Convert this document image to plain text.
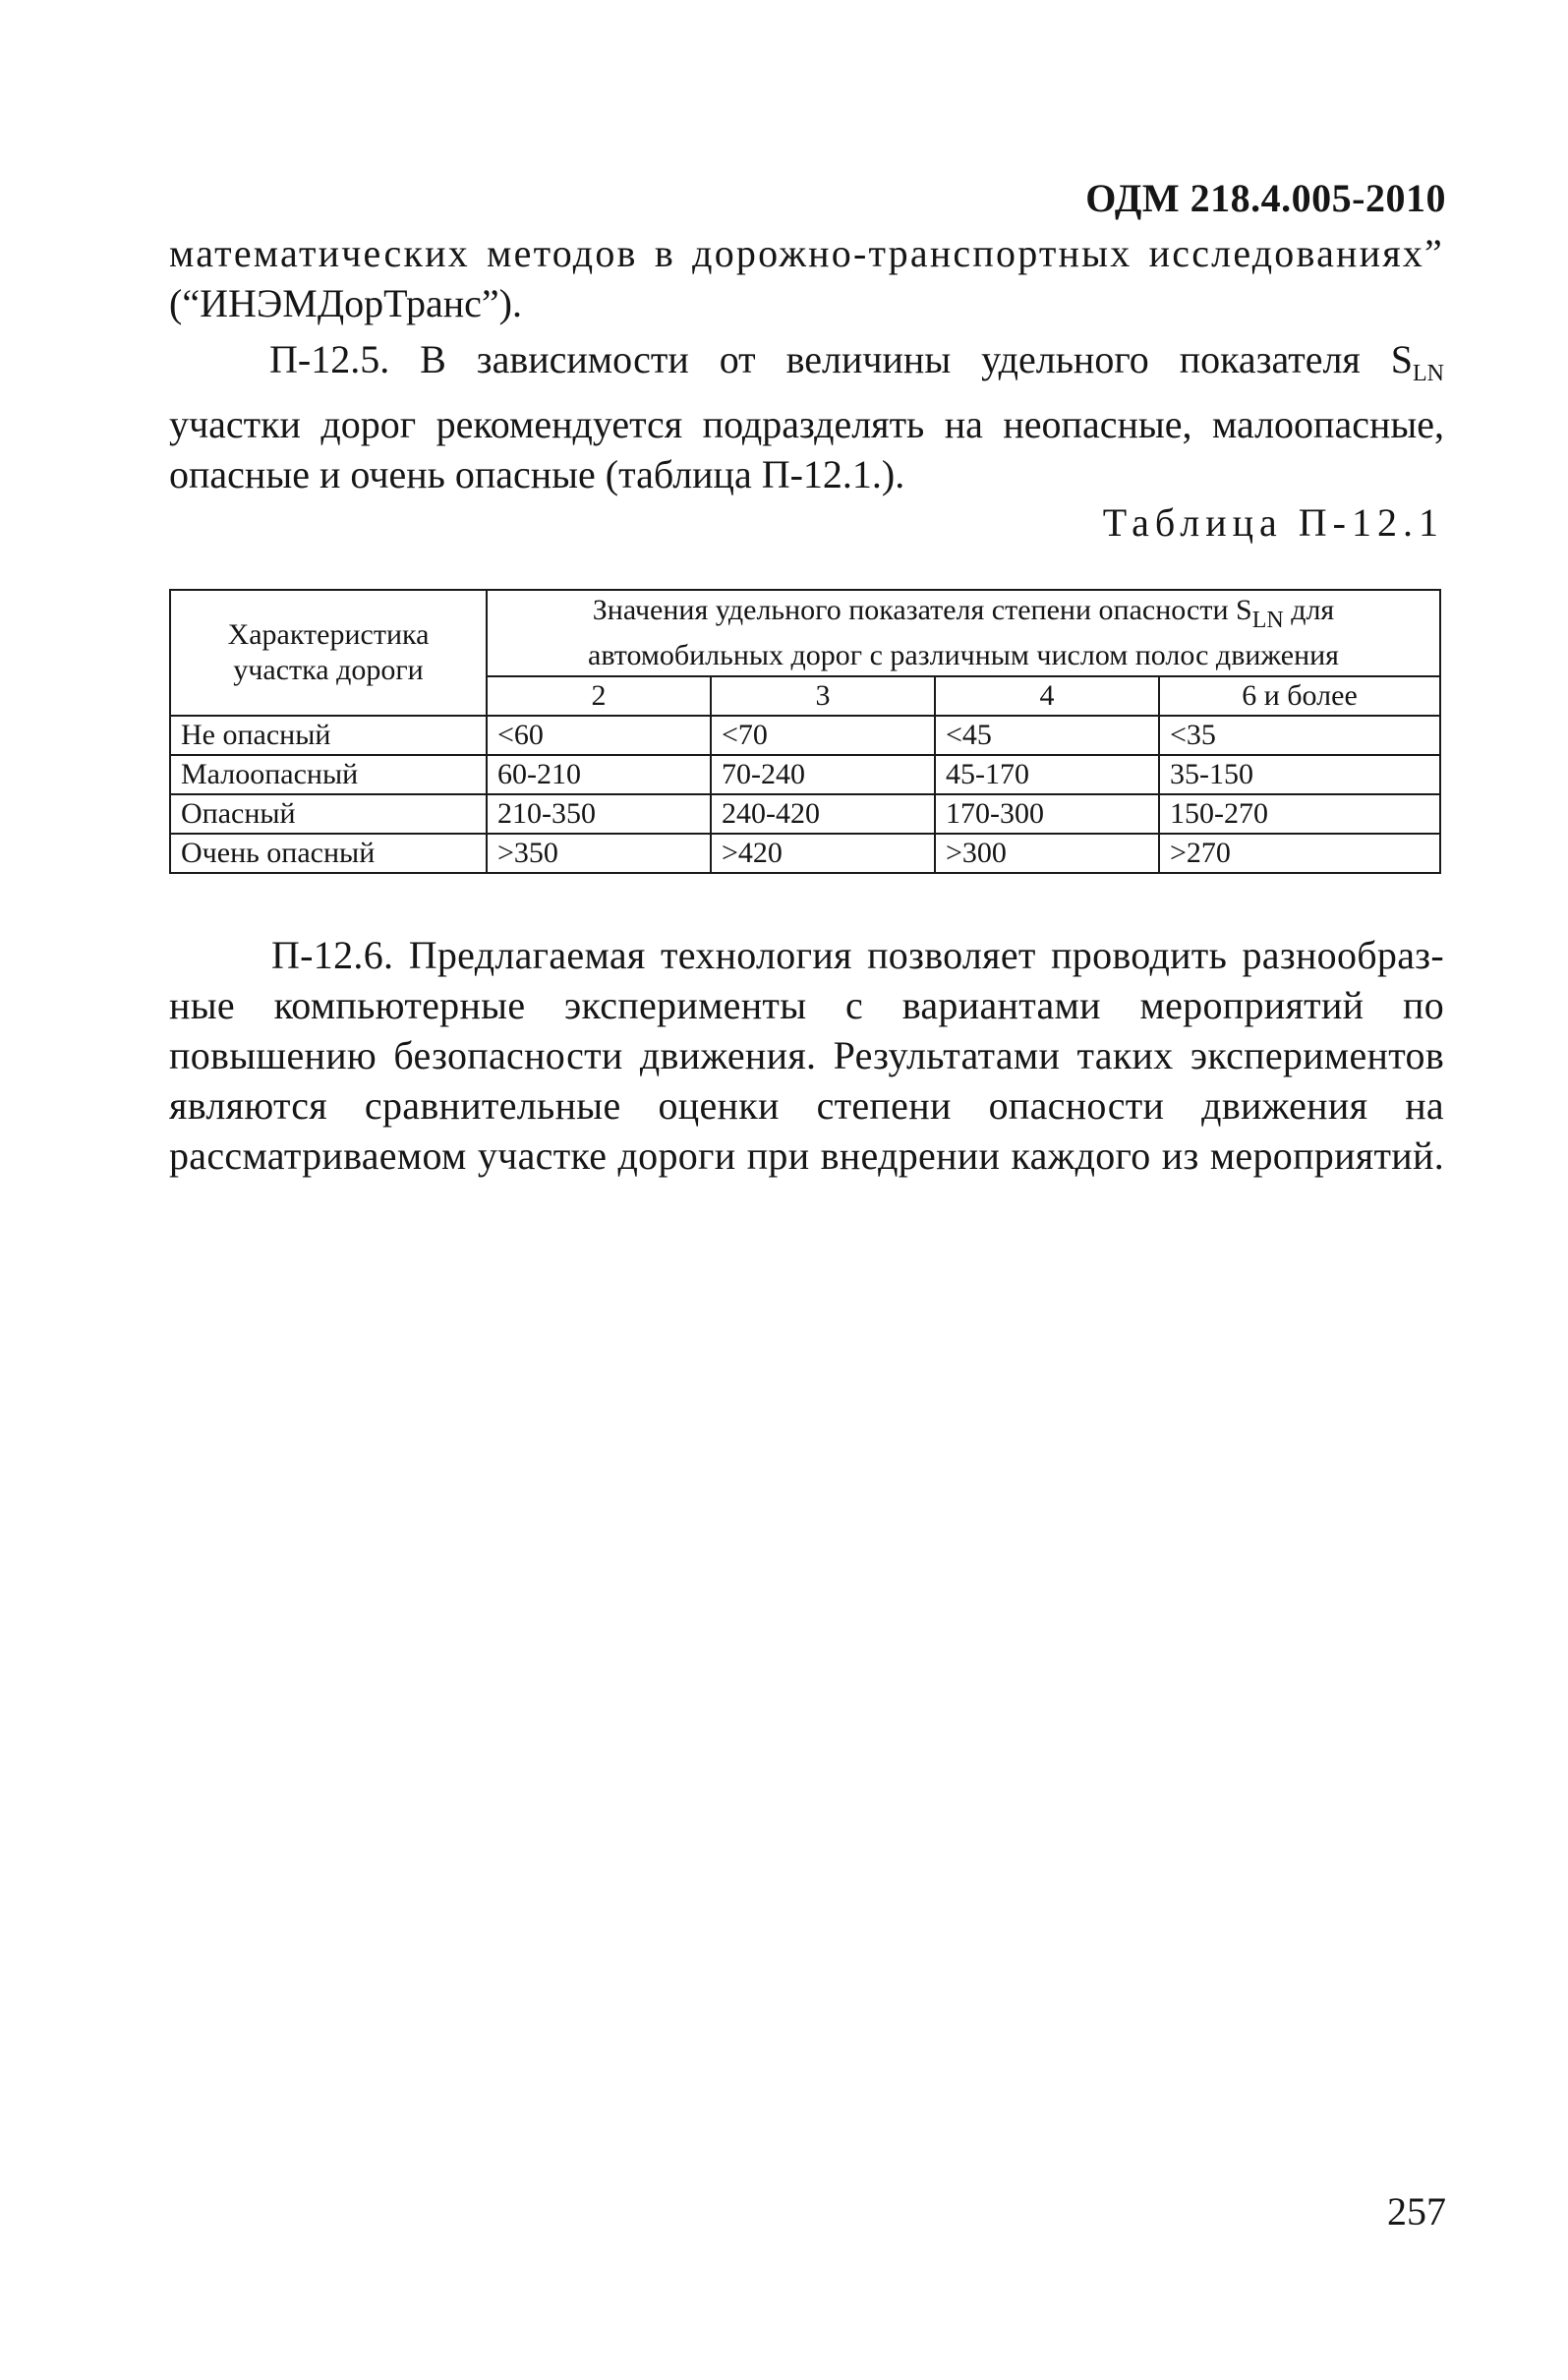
ОДМ 218.4.005-2010
математических методов в дорожно-транспортных исследованиях”
(“ИНЭМДорТранс”).
П-12.5. В зависимости от величины удельного показателя $S_{LN}$
участки дорог рекомендуется подразделять на неопасные, малоопасные,
опасные и очень опасные (таблица П-12.1.).
Таблица П-12.1
Характеристика
участка дороги	Значения удельного показателя степени опасности $S_{LN}$ для
автомобильных дорог с различным числом полос движения			
	2	3	4	6 и более
Не опасный	<60	<70	<45	<35
Малоопасный	60-210	70-240	45-170	35-150
Опасный	210-350	240-420	170-300	150-270
Очень опасный	>350	>420	>300	>270
П-12.6. Предлагаемая технология позволяет проводить разнообраз-
ные компьютерные эксперименты с вариантами мероприятий по
повышению безопасности движения. Результатами таких экспериментов
являются сравнительные оценки степени опасности движения на
рассматриваемом участке дороги при внедрении каждого из мероприятий.
257
